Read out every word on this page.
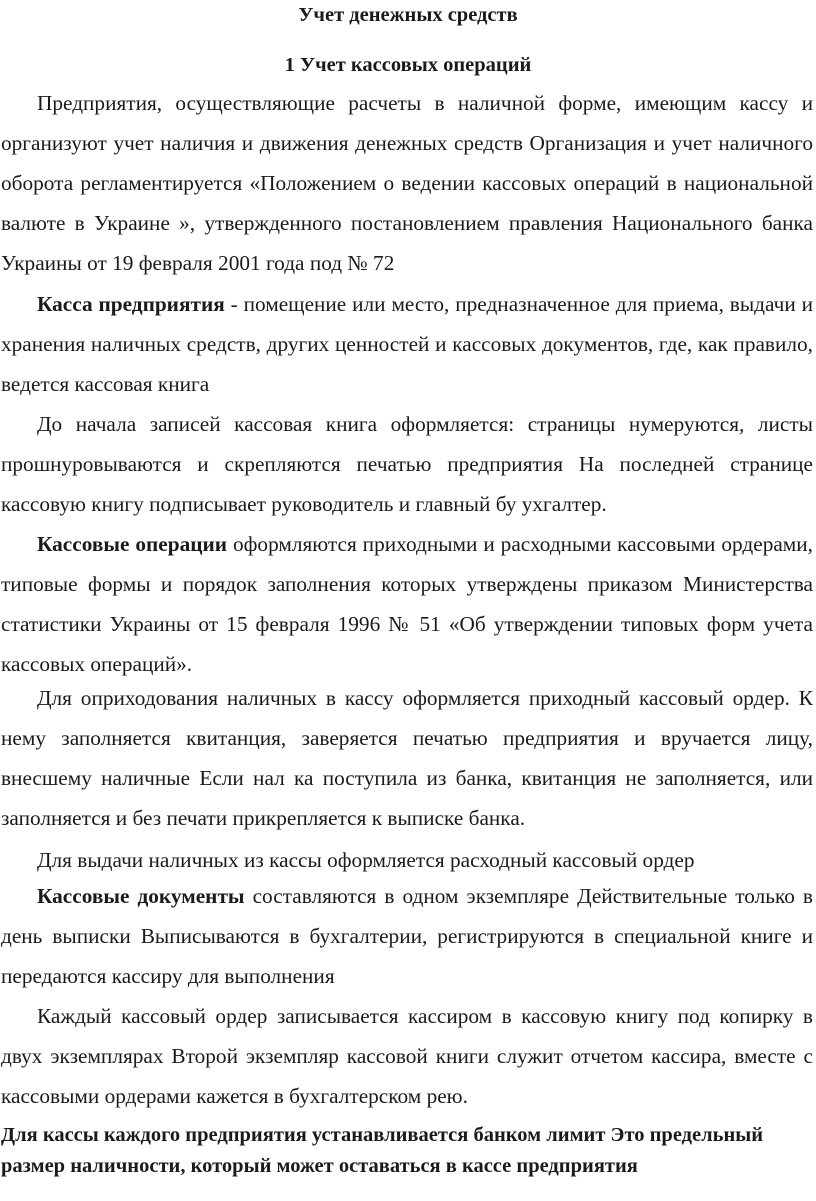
Учет денежных средств
1 Учет кассовых операций

Предприятия, осуществляющие расчеты в наличной форме, имеющим кассу и организуют учет наличия и движения денежных средств Организация и учет наличного оборота регламентируется «Положением о ведении кассовых операций в национальной валюте в Украине », утвержденного постановлением правления Национального банка Украины от 19 февраля 2001 года под № 72

Касса предприятия - помещение или место, предназначенное для приема, выдачи и хранения наличных средств, других ценностей и кассовых документов, где, как правило, ведется кассовая книга

До начала записей кассовая книга оформляется: страницы нумеруются, листы прошнуровываются и скрепляются печатью предприятия На последней странице кассовую книгу подписывает руководитель и главный бу ухгалтер.

Кассовые операции оформляются приходными и расходными кассовыми ордерами, типовые формы и порядок заполнения которых утверждены приказом Министерства статистики Украины от 15 февраля 1996 № 51 «Об утверждении типовых форм учета кассовых операций».

Для оприходования наличных в кассу оформляется приходный кассовый ордер. К нему заполняется квитанция, заверяется печатью предприятия и вручается лицу, внесшему наличные Если нал ка поступила из банка, квитанция не заполняется, или заполняется и без печати прикрепляется к выписке банка.

Для выдачи наличных из кассы оформляется расходный кассовый ордер

Кассовые документы составляются в одном экземпляре Действительные только в день выписки Выписываются в бухгалтерии, регистрируются в специальной книге и передаются кассиру для выполнения

Каждый кассовый ордер записывается кассиром в кассовую книгу под копирку в двух экземплярах Второй экземпляр кассовой книги служит отчетом кассира, вместе с кассовыми ордерами кажется в бухгалтерском рею.

Для кассы каждого предприятия устанавливается банком лимит Это предельный размер наличности, который может оставаться в кассе предприятия
